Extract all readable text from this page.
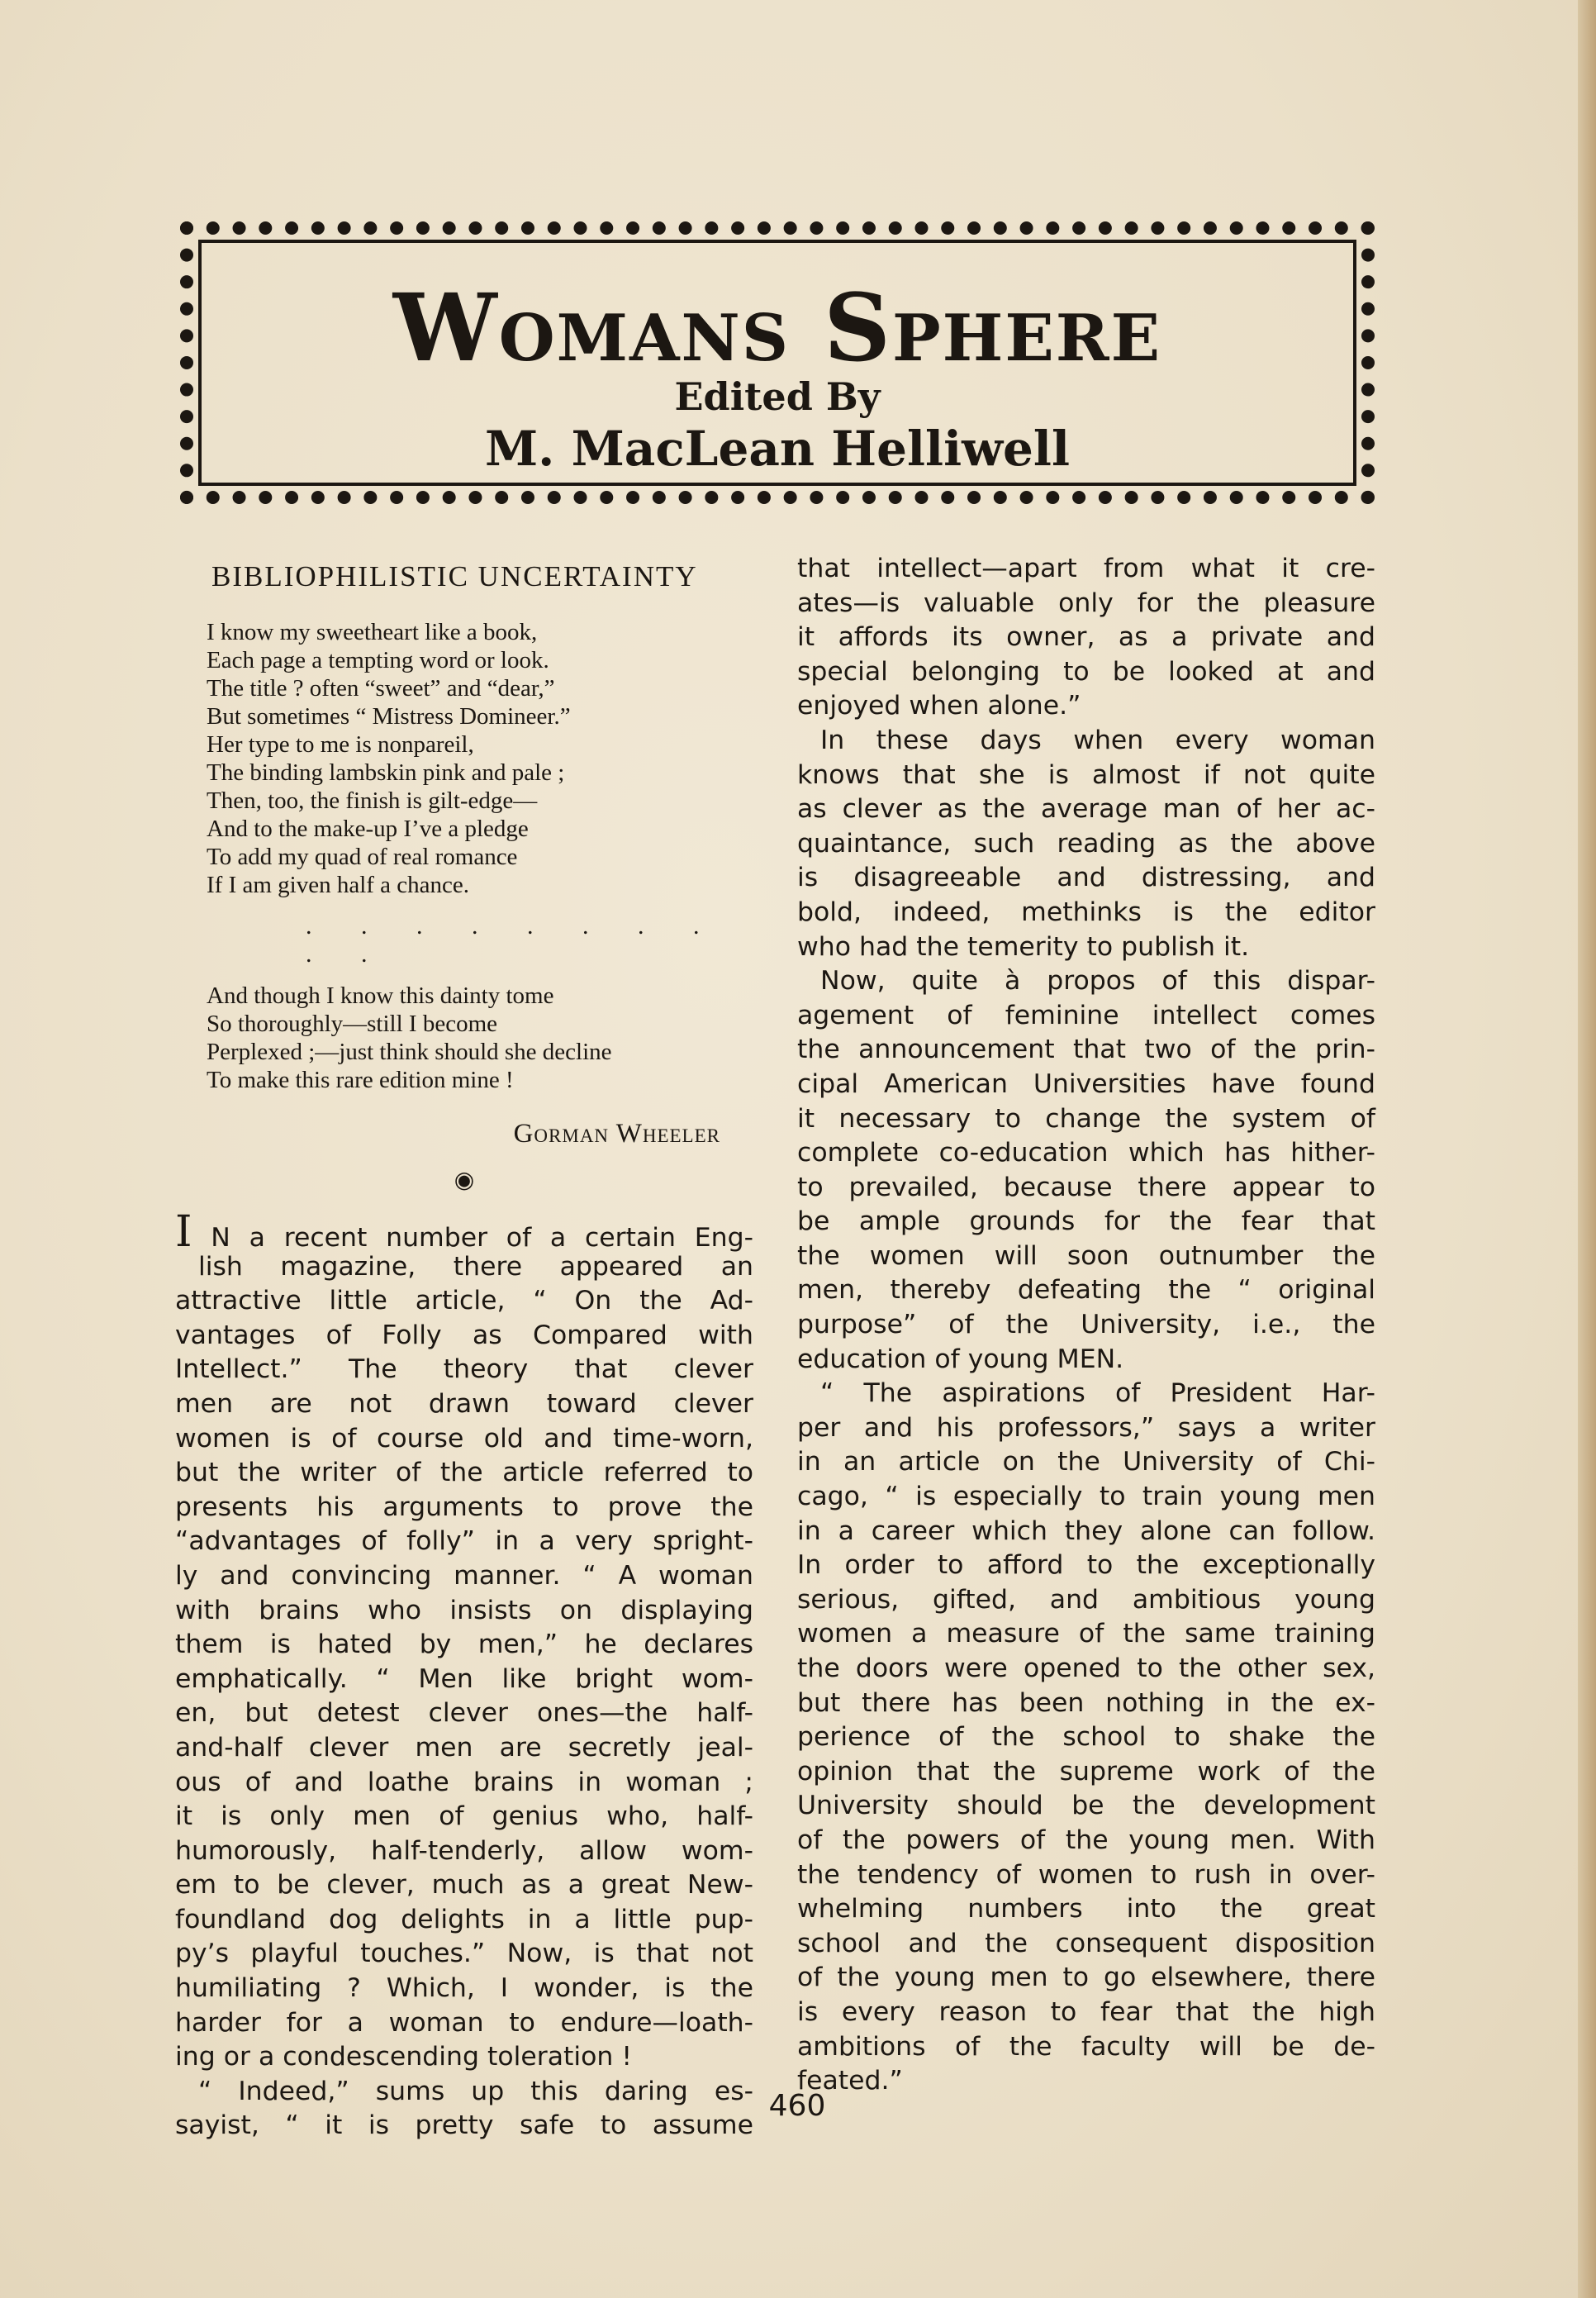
Womans Sphere
Edited By
M. MacLean Helliwell
BIBLIOPHILISTIC UNCERTAINTY
I know my sweetheart like a book,
Each page a tempting word or look.
The title ? often “sweet” and “dear,”
But sometimes “ Mistress Domineer.”
Her type to me is nonpareil,
The binding lambskin pink and pale ;
Then, too, the finish is gilt-edge—
And to the make-up I’ve a pledge
To add my quad of real romance
If I am given half a chance.
. . . . . . . . . .
And though I know this dainty tome
So thoroughly—still I become
Perplexed ;—just think should she decline
To make this rare edition mine !
Gorman Wheeler
◉
I N a recent number of a certain Eng-
lish magazine, there appeared an
attractive little article, “ On the Ad-
vantages of Folly as Compared with
Intellect.” The theory that clever
men are not drawn toward clever
women is of course old and time-worn,
but the writer of the article referred to
presents his arguments to prove the
“advantages of folly” in a very spright-
ly and convincing manner. “ A woman
with brains who insists on displaying
them is hated by men,” he declares
emphatically. “ Men like bright wom-
en, but detest clever ones—the half-
and-half clever men are secretly jeal-
ous of and loathe brains in woman ;
it is only men of genius who, half-
humorously, half-tenderly, allow wom-
em to be clever, much as a great New-
foundland dog delights in a little pup-
py’s playful touches.” Now, is that not
humiliating ? Which, I wonder, is the
harder for a woman to endure—loath-
ing or a condescending toleration !
“ Indeed,” sums up this daring es-
sayist, “ it is pretty safe to assume
that intellect—apart from what it cre-
ates—is valuable only for the pleasure
it affords its owner, as a private and
special belonging to be looked at and
enjoyed when alone.”
In these days when every woman
knows that she is almost if not quite
as clever as the average man of her ac-
quaintance, such reading as the above
is disagreeable and distressing, and
bold, indeed, methinks is the editor
who had the temerity to publish it.
Now, quite à propos of this dispar-
agement of feminine intellect comes
the announcement that two of the prin-
cipal American Universities have found
it necessary to change the system of
complete co-education which has hither-
to prevailed, because there appear to
be ample grounds for the fear that
the women will soon outnumber the
men, thereby defeating the “ original
purpose” of the University, i.e., the
education of young MEN.
“ The aspirations of President Har-
per and his professors,” says a writer
in an article on the University of Chi-
cago, “ is especially to train young men
in a career which they alone can follow.
In order to afford to the exceptionally
serious, gifted, and ambitious young
women a measure of the same training
the doors were opened to the other sex,
but there has been nothing in the ex-
perience of the school to shake the
opinion that the supreme work of the
University should be the development
of the powers of the young men. With
the tendency of women to rush in over-
whelming numbers into the great
school and the consequent disposition
of the young men to go elsewhere, there
is every reason to fear that the high
ambitions of the faculty will be de-
feated.”
460
